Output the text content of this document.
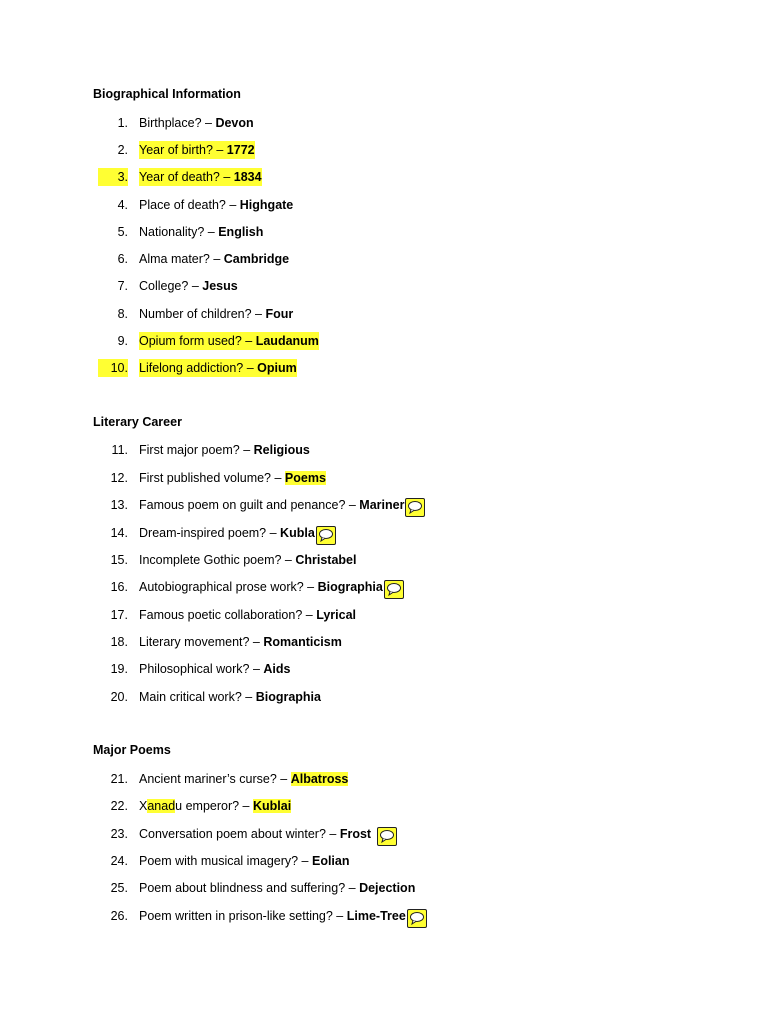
Biographical Information
1. Birthplace? – Devon
2. Year of birth? – 1772
3. Year of death? – 1834
4. Place of death? – Highgate
5. Nationality? – English
6. Alma mater? – Cambridge
7. College? – Jesus
8. Number of children? – Four
9. Opium form used? – Laudanum
10. Lifelong addiction? – Opium
Literary Career
11. First major poem? – Religious
12. First published volume? – Poems
13. Famous poem on guilt and penance? – Mariner
14. Dream-inspired poem? – Kubla
15. Incomplete Gothic poem? – Christabel
16. Autobiographical prose work? – Biographia
17. Famous poetic collaboration? – Lyrical
18. Literary movement? – Romanticism
19. Philosophical work? – Aids
20. Main critical work? – Biographia
Major Poems
21. Ancient mariner’s curse? – Albatross
22. Xanadu emperor? – Kublai
23. Conversation poem about winter? – Frost
24. Poem with musical imagery? – Eolian
25. Poem about blindness and suffering? – Dejection
26. Poem written in prison-like setting? – Lime-Tree
